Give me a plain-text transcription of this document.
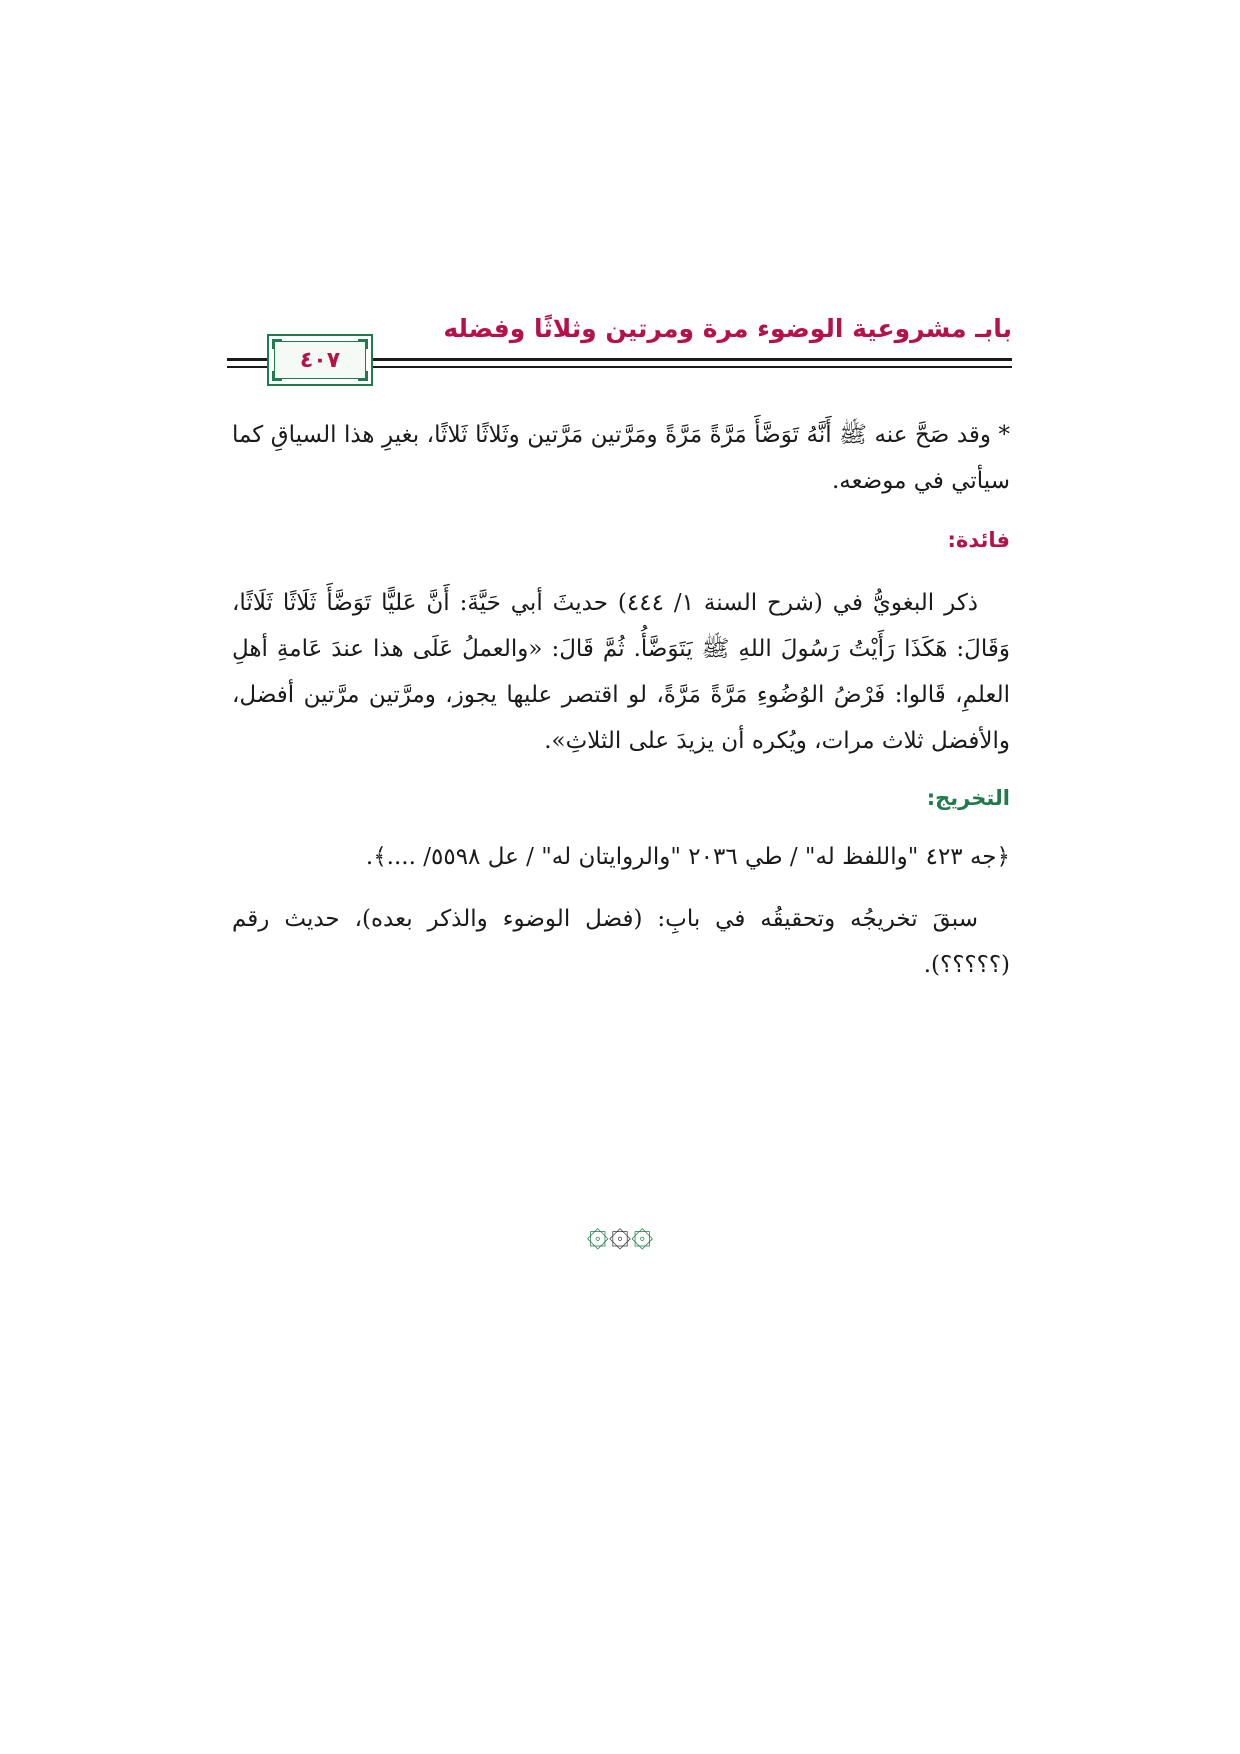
بابـ مشروعية الوضوء مرة ومرتين وثلاثًا وفضله
٤٠٧

* وقد صَحَّ عنه ﷺ أَنَّهُ تَوَضَّأَ مَرَّةً مَرَّةً ومَرَّتين مَرَّتين وثَلاثًا ثَلاثًا، بغيرِ هذا السياقِ كما سيأتي في موضعه.

فائدة:

ذكر البغويُّ في (شرح السنة ١/ ٤٤٤) حديثَ أبي حَيَّةَ: أَنَّ عَليًّا تَوَضَّأَ ثَلَاثًا ثَلَاثًا، وَقَالَ: هَكَذَا رَأَيْتُ رَسُولَ اللهِ ﷺ يَتَوَضَّأُ. ثُمَّ قَالَ: «والعملُ عَلَى هذا عندَ عَامةِ أهلِ العلمِ، قَالوا: فَرْضُ الوُضُوءِ مَرَّةً مَرَّةً، لو اقتصر عليها يجوز، ومرَّتين مرَّتين أفضل، والأفضل ثلاث مرات، ويُكره أن يزيدَ على الثلاثِ».

التخريج:

﴿جه ٤٢٣ "واللفظ له" / طي ٢٠٣٦ "والروايتان له" / عل ٥٥٩٨/ ....﴾.

سبقَ تخريجُه وتحقيقُه في بابِ: (فضل الوضوء والذكر بعده)، حديث رقم (؟؟؟؟؟).

۞۞۞
